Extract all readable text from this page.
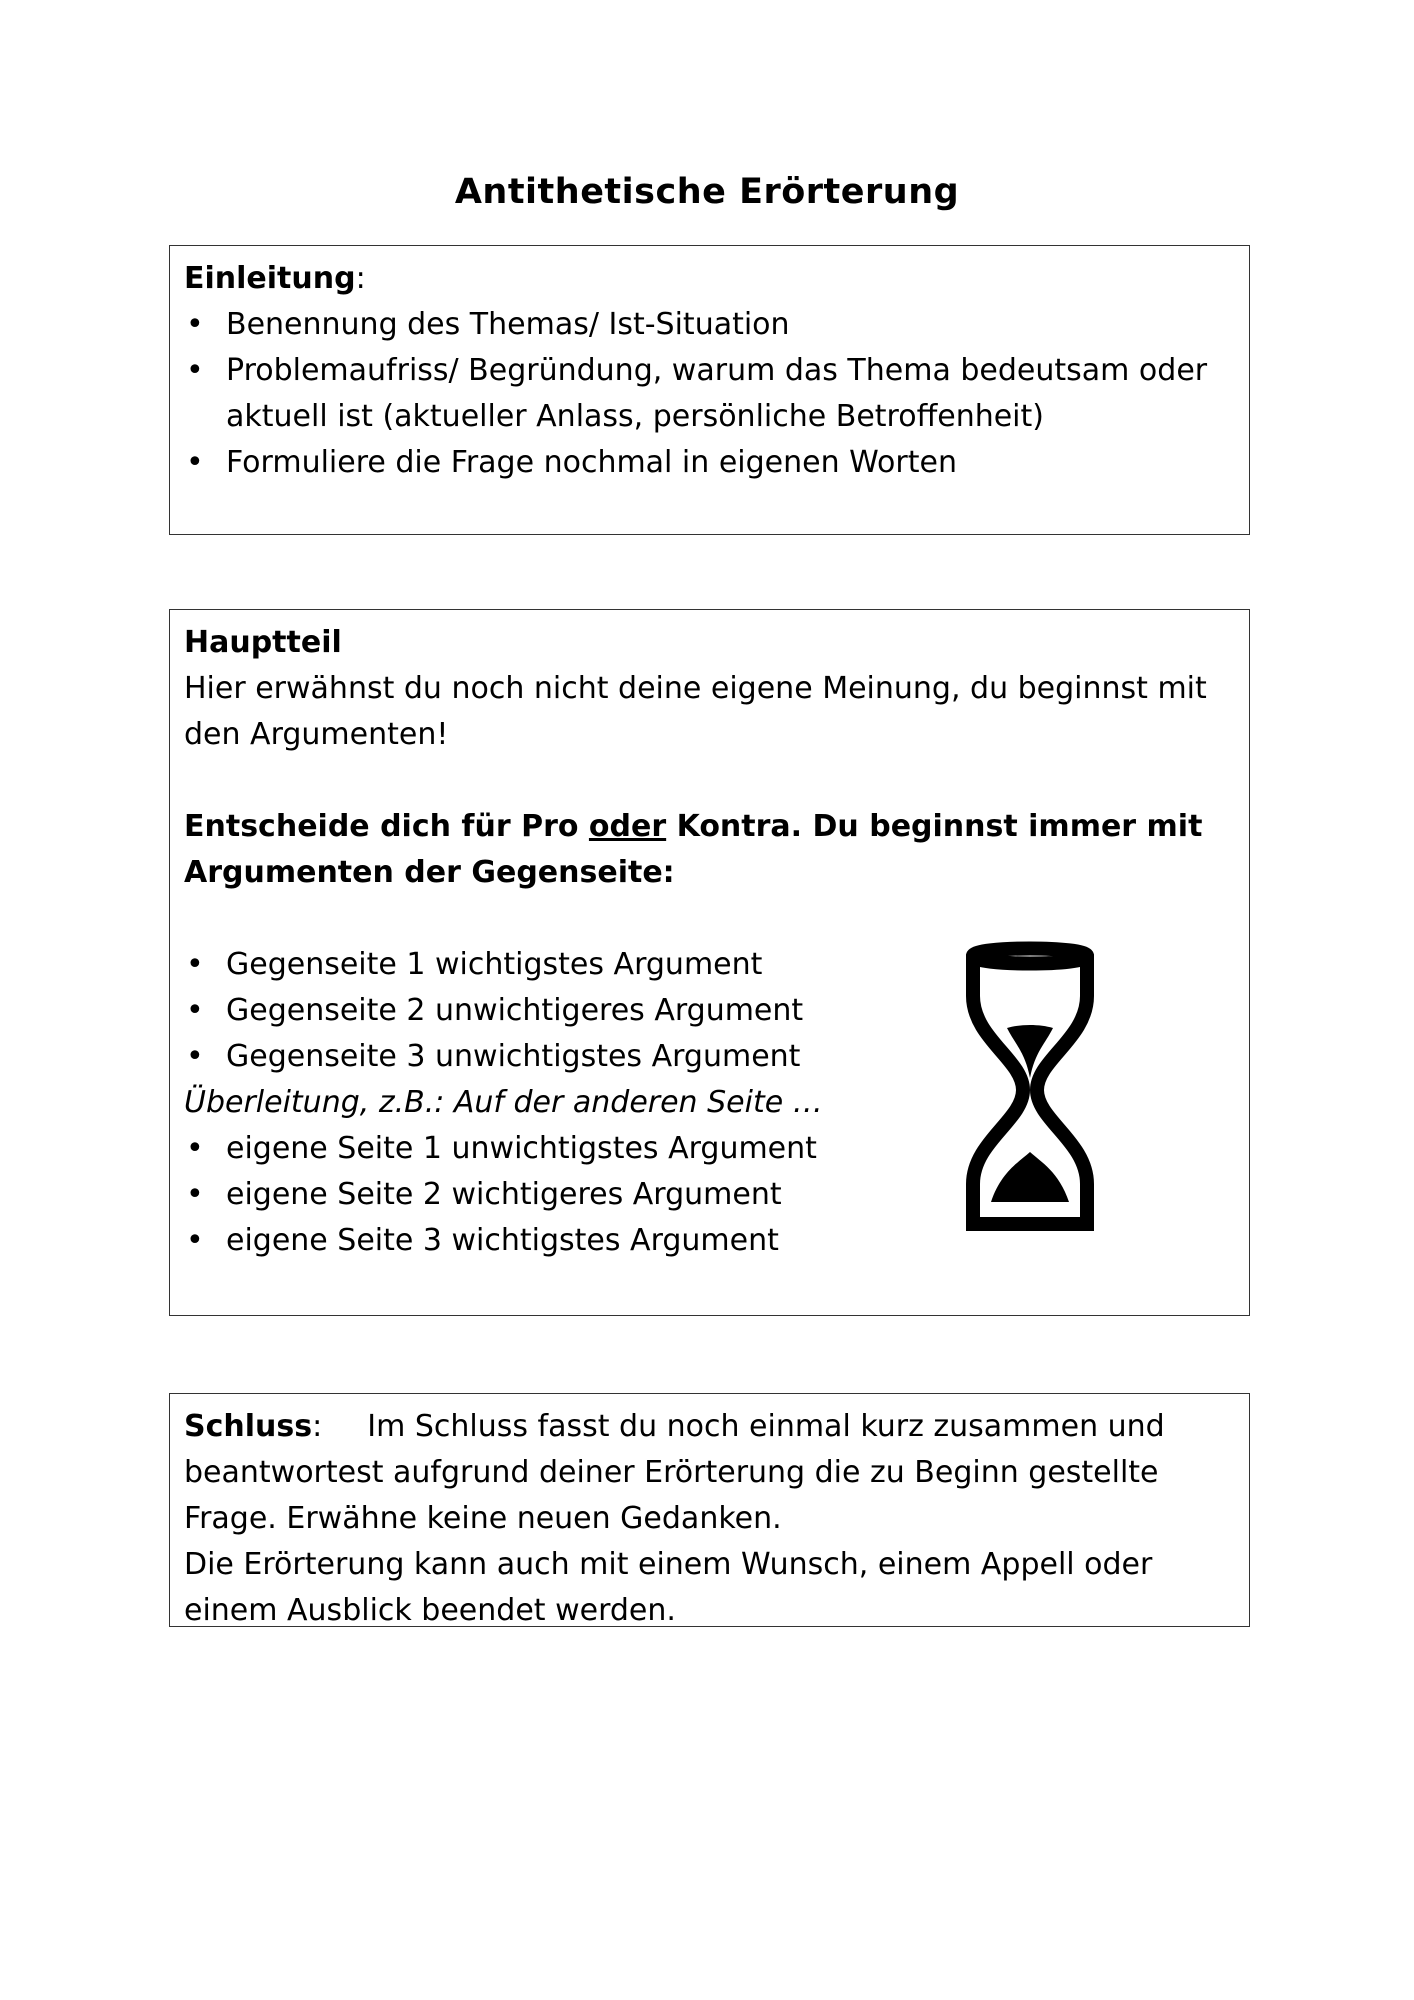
Antithetische Erörterung

Einleitung:

• Benennung des Themas/ Ist-Situation
• Problemaufriss/ Begründung, warum das Thema bedeutsam oder aktuell ist (aktueller Anlass, persönliche Betroffenheit)
• Formuliere die Frage nochmal in eigenen Worten

Hauptteil

Hier erwähnst du noch nicht deine eigene Meinung, du beginnst mit den Argumenten!

Entscheide dich für Pro oder Kontra. Du beginnst immer mit Argumenten der Gegenseite:

• Gegenseite 1 wichtigstes Argument
• Gegenseite 2 unwichtigeres Argument
• Gegenseite 3 unwichtigstes Argument

Überleitung, z.B.: Auf der anderen Seite …

• eigene Seite 1 unwichtigstes Argument
• eigene Seite 2 wichtigeres Argument
• eigene Seite 3 wichtigstes Argument

Schluss: Im Schluss fasst du noch einmal kurz zusammen und beantwortest aufgrund deiner Erörterung die zu Beginn gestellte Frage. Erwähne keine neuen Gedanken.

Die Erörterung kann auch mit einem Wunsch, einem Appell oder einem Ausblick beendet werden.
